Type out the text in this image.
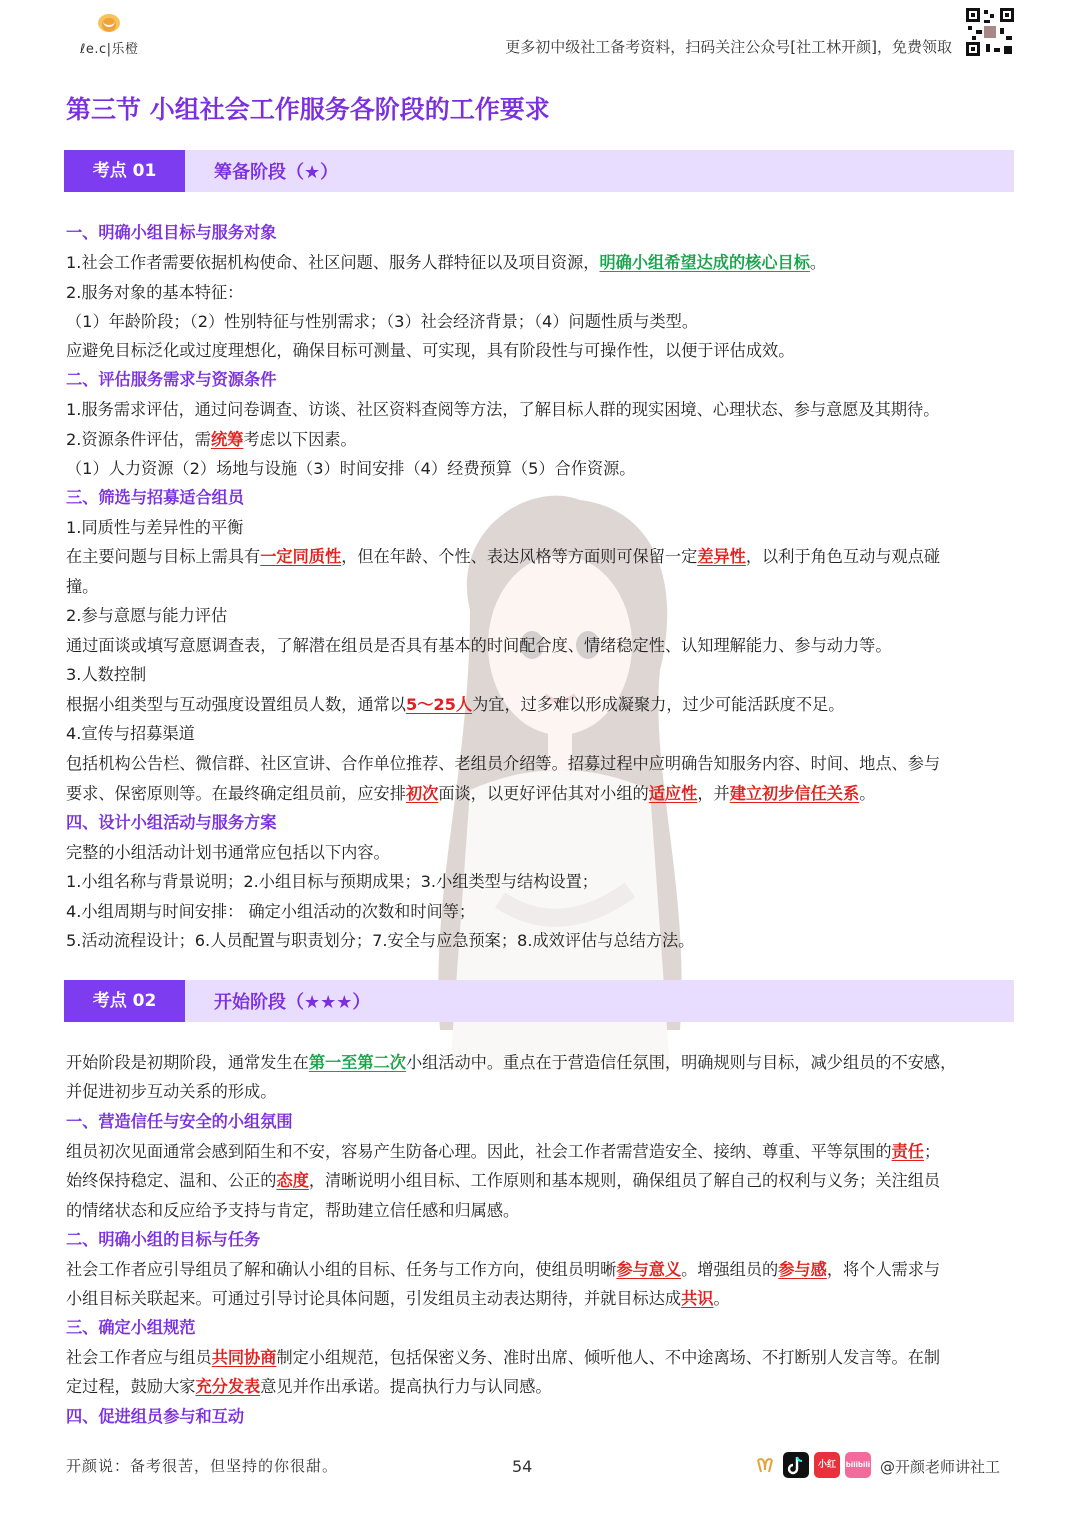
ℓe.c|乐橙	更多初中级社工备考资料，扫码关注公众号[社工林开颜]，免费领取
第三节 小组社会工作服务各阶段的工作要求
考点 01	筹备阶段（★）
考点 02	开始阶段（★★★）
一、明确小组目标与服务对象
1.社会工作者需要依据机构使命、社区问题、服务人群特征以及项目资源，明确小组希望达成的核心目标。
2.服务对象的基本特征：
（1）年龄阶段；（2）性别特征与性别需求；（3）社会经济背景；（4）问题性质与类型。
应避免目标泛化或过度理想化，确保目标可测量、可实现，具有阶段性与可操作性，以便于评估成效。
二、评估服务需求与资源条件
1.服务需求评估，通过问卷调查、访谈、社区资料查阅等方法，了解目标人群的现实困境、心理状态、参与意愿及其期待。
2.资源条件评估，需统筹考虑以下因素。
（1）人力资源（2）场地与设施（3）时间安排（4）经费预算（5）合作资源。
三、筛选与招募适合组员
1.同质性与差异性的平衡
在主要问题与目标上需具有一定同质性，但在年龄、个性、表达风格等方面则可保留一定差异性，以利于角色互动与观点碰
撞。
2.参与意愿与能力评估
通过面谈或填写意愿调查表，了解潜在组员是否具有基本的时间配合度、情绪稳定性、认知理解能力、参与动力等。
3.人数控制
根据小组类型与互动强度设置组员人数，通常以5～25人为宜，过多难以形成凝聚力，过少可能活跃度不足。
4.宣传与招募渠道
包括机构公告栏、微信群、社区宣讲、合作单位推荐、老组员介绍等。招募过程中应明确告知服务内容、时间、地点、参与
要求、保密原则等。在最终确定组员前，应安排初次面谈，以更好评估其对小组的适应性，并建立初步信任关系。
四、设计小组活动与服务方案
完整的小组活动计划书通常应包括以下内容。
1.小组名称与背景说明；2.小组目标与预期成果；3.小组类型与结构设置；
4.小组周期与时间安排： 确定小组活动的次数和时间等；
5.活动流程设计；6.人员配置与职责划分；7.安全与应急预案；8.成效评估与总结方法。
开始阶段是初期阶段，通常发生在第一至第二次小组活动中。重点在于营造信任氛围，明确规则与目标，减少组员的不安感，
并促进初步互动关系的形成。
一、营造信任与安全的小组氛围
组员初次见面通常会感到陌生和不安，容易产生防备心理。因此，社会工作者需营造安全、接纳、尊重、平等氛围的责任；
始终保持稳定、温和、公正的态度，清晰说明小组目标、工作原则和基本规则，确保组员了解自己的权利与义务；关注组员
的情绪状态和反应给予支持与肯定，帮助建立信任感和归属感。
二、明确小组的目标与任务
社会工作者应引导组员了解和确认小组的目标、任务与工作方向，使组员明晰参与意义。增强组员的参与感，将个人需求与
小组目标关联起来。可通过引导讨论具体问题，引发组员主动表达期待，并就目标达成共识。
三、确定小组规范
社会工作者应与组员共同协商制定小组规范，包括保密义务、准时出席、倾听他人、不中途离场、不打断别人发言等。在制
定过程，鼓励大家充分发表意见并作出承诺。提高执行力与认同感。
四、促进组员参与和互动
开颜说：备考很苦，但坚持的你很甜。	54	小红书
bilibili @开颜老师讲社工
